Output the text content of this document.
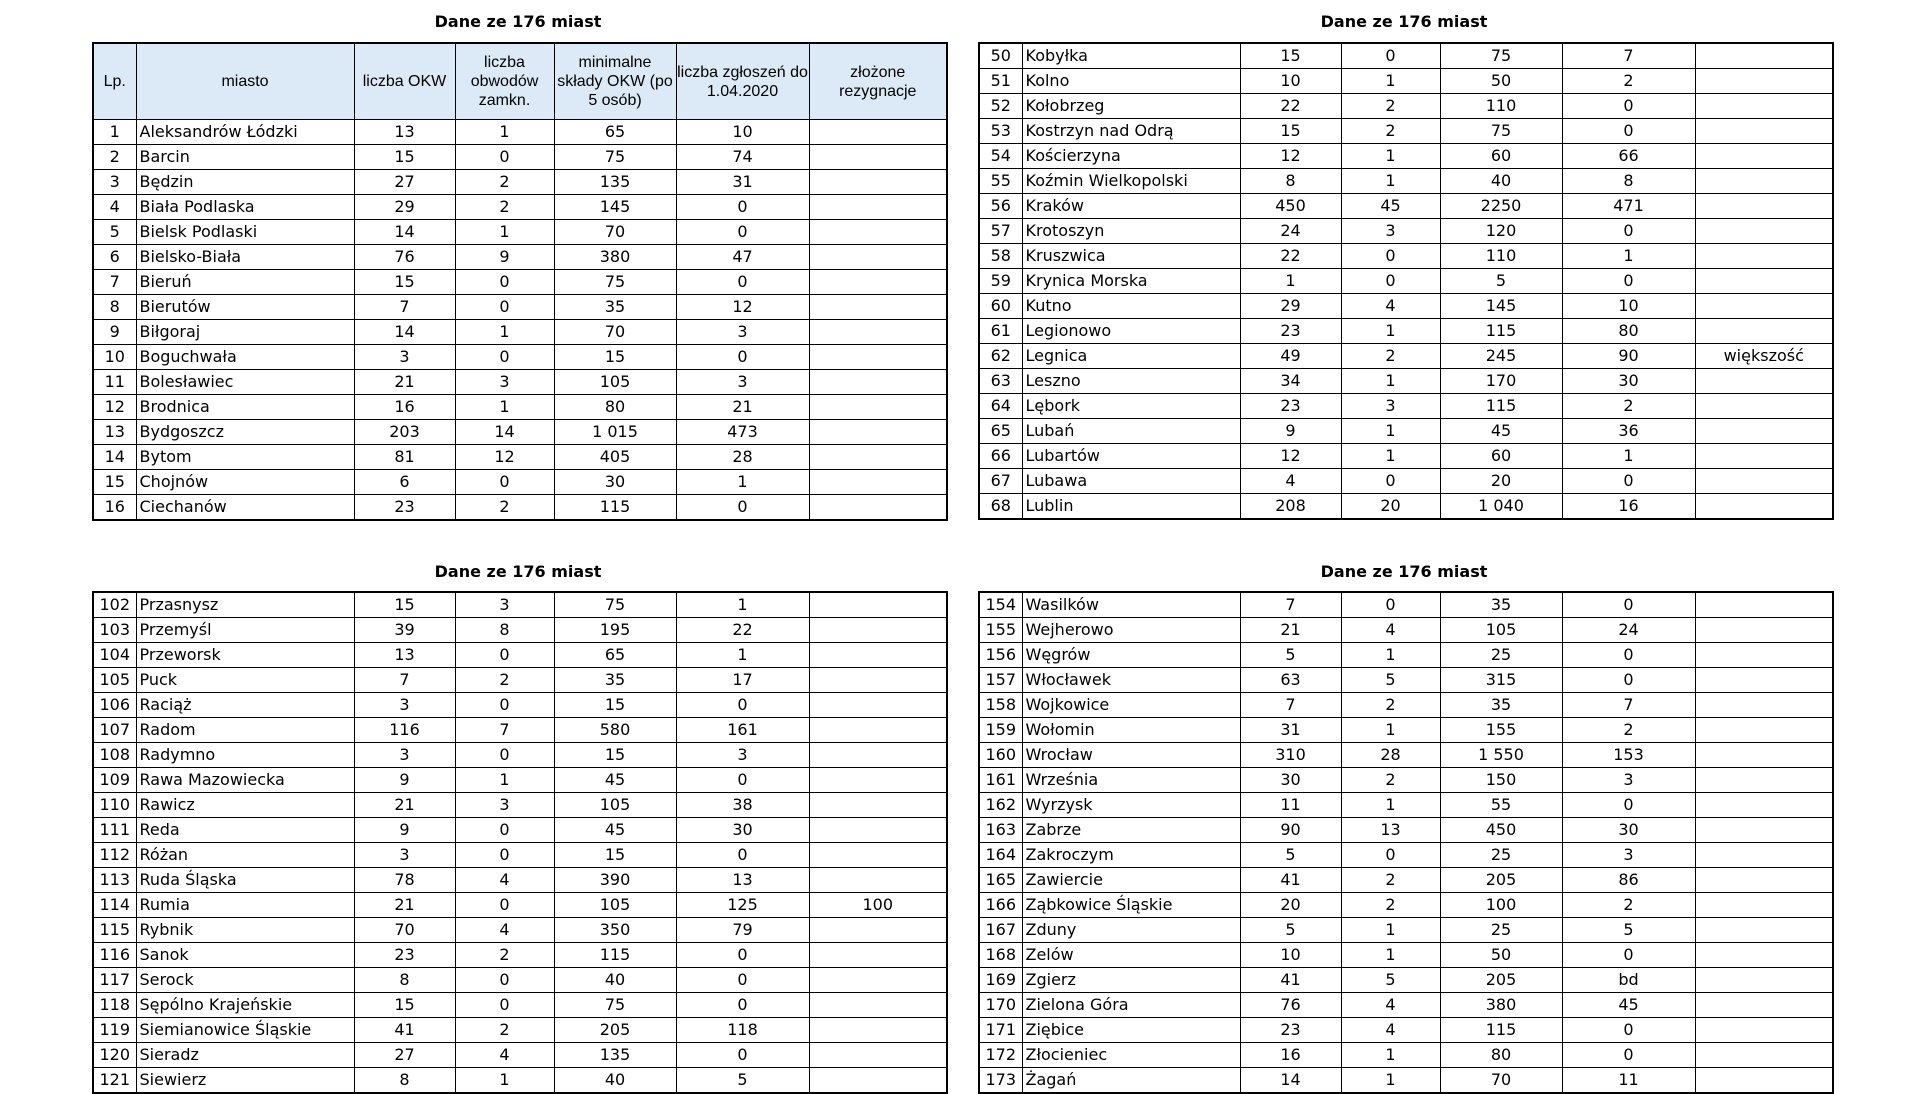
Dane ze 176 miast
Lp.	miasto	liczba OKW	liczba obwodów zamkn.	minimalne składy OKW (po 5 osób)	liczba zgłoszeń do 1.04.2020	złożone rezygnacje
1	Aleksandrów Łódzki	13	1	65	10	
2	Barcin	15	0	75	74	
3	Będzin	27	2	135	31	
4	Biała Podlaska	29	2	145	0	
5	Bielsk Podlaski	14	1	70	0	
6	Bielsko-Biała	76	9	380	47	
7	Bieruń	15	0	75	0	
8	Bierutów	7	0	35	12	
9	Biłgoraj	14	1	70	3	
10	Boguchwała	3	0	15	0	
11	Bolesławiec	21	3	105	3	
12	Brodnica	16	1	80	21	
13	Bydgoszcz	203	14	1 015	473	
14	Bytom	81	12	405	28	
15	Chojnów	6	0	30	1	
16	Ciechanów	23	2	115	0	
Dane ze 176 miast
50	Kobyłka	15	0	75	7	
51	Kolno	10	1	50	2	
52	Kołobrzeg	22	2	110	0	
53	Kostrzyn nad Odrą	15	2	75	0	
54	Kościerzyna	12	1	60	66	
55	Koźmin Wielkopolski	8	1	40	8	
56	Kraków	450	45	2250	471	
57	Krotoszyn	24	3	120	0	
58	Kruszwica	22	0	110	1	
59	Krynica Morska	1	0	5	0	
60	Kutno	29	4	145	10	
61	Legionowo	23	1	115	80	
62	Legnica	49	2	245	90	większość
63	Leszno	34	1	170	30	
64	Lębork	23	3	115	2	
65	Lubań	9	1	45	36	
66	Lubartów	12	1	60	1	
67	Lubawa	4	0	20	0	
68	Lublin	208	20	1 040	16	
Dane ze 176 miast
102	Przasnysz	15	3	75	1	
103	Przemyśl	39	8	195	22	
104	Przeworsk	13	0	65	1	
105	Puck	7	2	35	17	
106	Raciąż	3	0	15	0	
107	Radom	116	7	580	161	
108	Radymno	3	0	15	3	
109	Rawa Mazowiecka	9	1	45	0	
110	Rawicz	21	3	105	38	
111	Reda	9	0	45	30	
112	Różan	3	0	15	0	
113	Ruda Śląska	78	4	390	13	
114	Rumia	21	0	105	125	100
115	Rybnik	70	4	350	79	
116	Sanok	23	2	115	0	
117	Serock	8	0	40	0	
118	Sępólno Krajeńskie	15	0	75	0	
119	Siemianowice Śląskie	41	2	205	118	
120	Sieradz	27	4	135	0	
121	Siewierz	8	1	40	5	
Dane ze 176 miast
154	Wasilków	7	0	35	0	
155	Wejherowo	21	4	105	24	
156	Węgrów	5	1	25	0	
157	Włocławek	63	5	315	0	
158	Wojkowice	7	2	35	7	
159	Wołomin	31	1	155	2	
160	Wrocław	310	28	1 550	153	
161	Września	30	2	150	3	
162	Wyrzysk	11	1	55	0	
163	Zabrze	90	13	450	30	
164	Zakroczym	5	0	25	3	
165	Zawiercie	41	2	205	86	
166	Ząbkowice Śląskie	20	2	100	2	
167	Zduny	5	1	25	5	
168	Zelów	10	1	50	0	
169	Zgierz	41	5	205	bd	
170	Zielona Góra	76	4	380	45	
171	Ziębice	23	4	115	0	
172	Złocieniec	16	1	80	0	
173	Żagań	14	1	70	11	
